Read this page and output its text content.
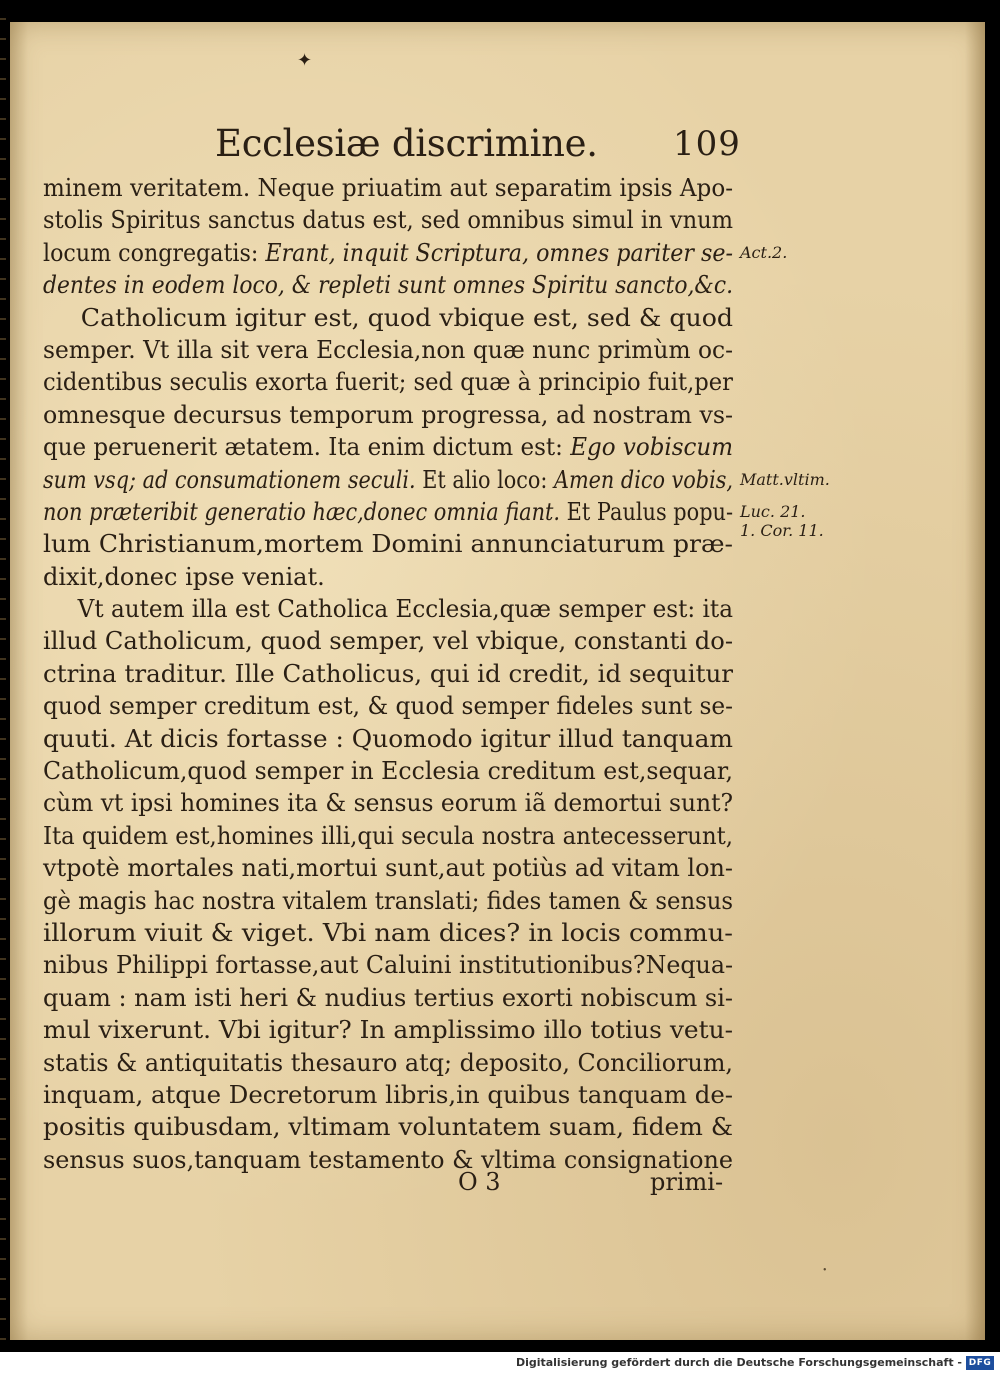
✦
Ecclesiæ discrimine. 109
minem veritatem. Neque priuatim aut separatim ipsis Apo-
stolis Spiritus sanctus datus est, sed omnibus simul in vnum
locum congregatis: Erant, inquit Scriptura, omnes pariter se-
dentes in eodem loco, & repleti sunt omnes Spiritu sancto,&c.
  Catholicum igitur est, quod vbique est, sed & quod
semper. Vt illa sit vera Ecclesia,non quæ nunc primùm oc-
cidentibus seculis exorta fuerit; sed quæ à principio fuit,per
omnesque decursus temporum progressa, ad nostram vs-
que peruenerit ætatem. Ita enim dictum est: Ego vobiscum
sum vsq; ad consumationem seculi. Et alio loco: Amen dico vobis,
non præteribit generatio hæc,donec omnia fiant. Et Paulus popu-
lum Christianum,mortem Domini annunciaturum præ-
dixit,donec ipse veniat.
  Vt autem illa est Catholica Ecclesia,quæ semper est: ita
illud Catholicum, quod semper, vel vbique, constanti do-
ctrina traditur. Ille Catholicus, qui id credit, id sequitur
quod semper creditum est, & quod semper fideles sunt se-
quuti. At dicis fortasse : Quomodo igitur illud tanquam
Catholicum,quod semper in Ecclesia creditum est,sequar,
cùm vt ipsi homines ita & sensus eorum iã demortui sunt?
Ita quidem est,homines illi,qui secula nostra antecesserunt,
vtpotè mortales nati,mortui sunt,aut potiùs ad vitam lon-
gè magis hac nostra vitalem translati; fides tamen & sensus
illorum viuit & viget. Vbi nam dices? in locis commu-
nibus Philippi fortasse,aut Caluini institutionibus?Nequa-
quam : nam isti heri & nudius tertius exorti nobiscum si-
mul vixerunt. Vbi igitur? In amplissimo illo totius vetu-
statis & antiquitatis thesauro atq; deposito, Conciliorum,
inquam, atque Decretorum libris,in quibus tanquam de-
positis quibusdam, vltimam voluntatem suam, fidem &
sensus suos,tanquam testamento & vltima consignatione
Act.2.
Matt.vltim.
Luc. 21.
1. Cor. 11.
O 3	primi-
•
Digitalisierung gefördert durch die Deutsche Forschungsgemeinschaft - DFG
